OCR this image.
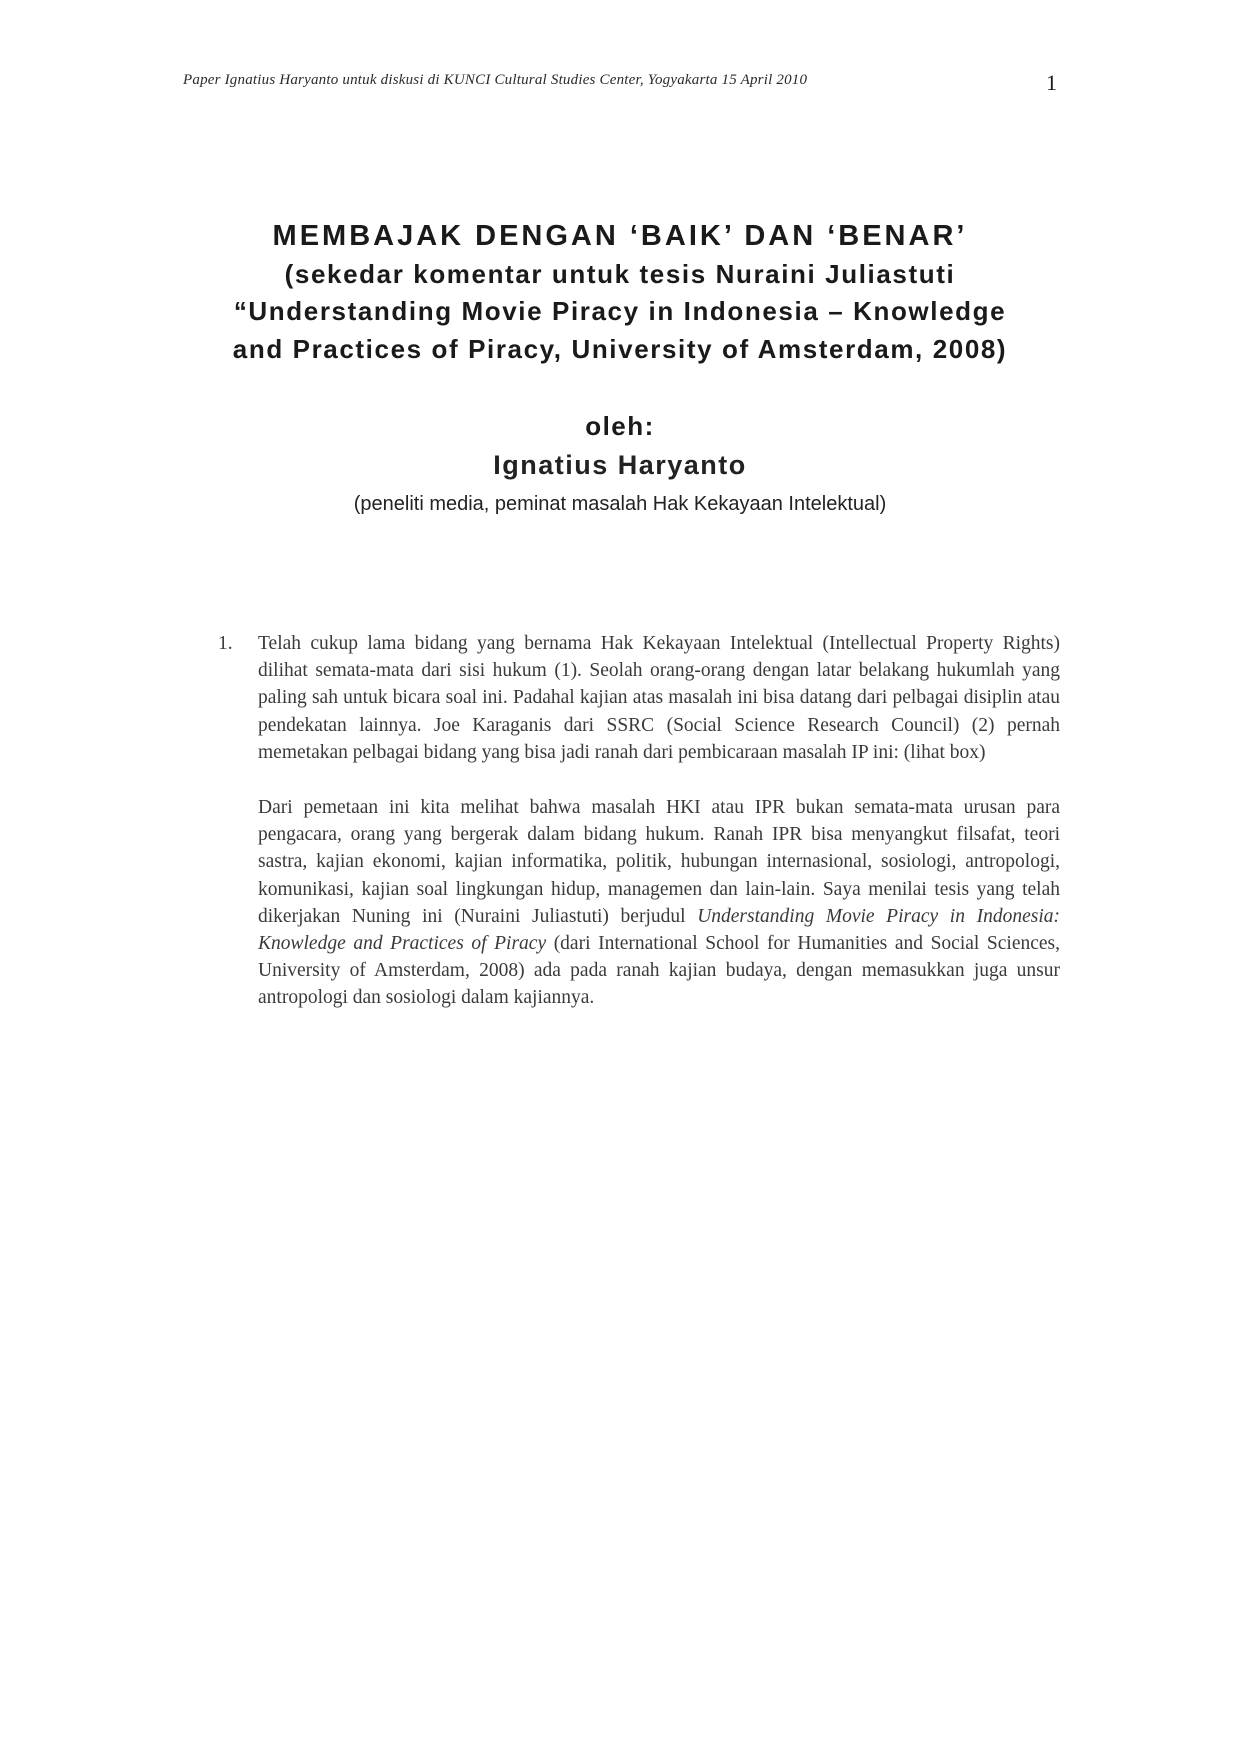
Paper Ignatius Haryanto untuk diskusi di KUNCI Cultural Studies Center, Yogyakarta 15 April 2010	1
MEMBAJAK DENGAN ‘BAIK’ DAN ‘BENAR’
(sekedar komentar untuk tesis Nuraini Juliastuti
“Understanding Movie Piracy in Indonesia – Knowledge
and Practices of Piracy, University of Amsterdam, 2008)
oleh:
Ignatius Haryanto
(peneliti media, peminat masalah Hak Kekayaan Intelektual)
1. Telah cukup lama bidang yang bernama Hak Kekayaan Intelektual (Intellectual Property Rights) dilihat semata-mata dari sisi hukum (1). Seolah orang-orang dengan latar belakang hukumlah yang paling sah untuk bicara soal ini. Padahal kajian atas masalah ini bisa datang dari pelbagai disiplin atau pendekatan lainnya. Joe Karaganis dari SSRC (Social Science Research Council) (2) pernah memetakan pelbagai bidang yang bisa jadi ranah dari pembicaraan masalah IP ini: (lihat box)

Dari pemetaan ini kita melihat bahwa masalah HKI atau IPR bukan semata-mata urusan para pengacara, orang yang bergerak dalam bidang hukum. Ranah IPR bisa menyangkut filsafat, teori sastra, kajian ekonomi, kajian informatika, politik, hubungan internasional, sosiologi, antropologi, komunikasi, kajian soal lingkungan hidup, managemen dan lain-lain. Saya menilai tesis yang telah dikerjakan Nuning ini (Nuraini Juliastuti) berjudul Understanding Movie Piracy in Indonesia: Knowledge and Practices of Piracy (dari International School for Humanities and Social Sciences, University of Amsterdam, 2008) ada pada ranah kajian budaya, dengan memasukkan juga unsur antropologi dan sosiologi dalam kajiannya.
